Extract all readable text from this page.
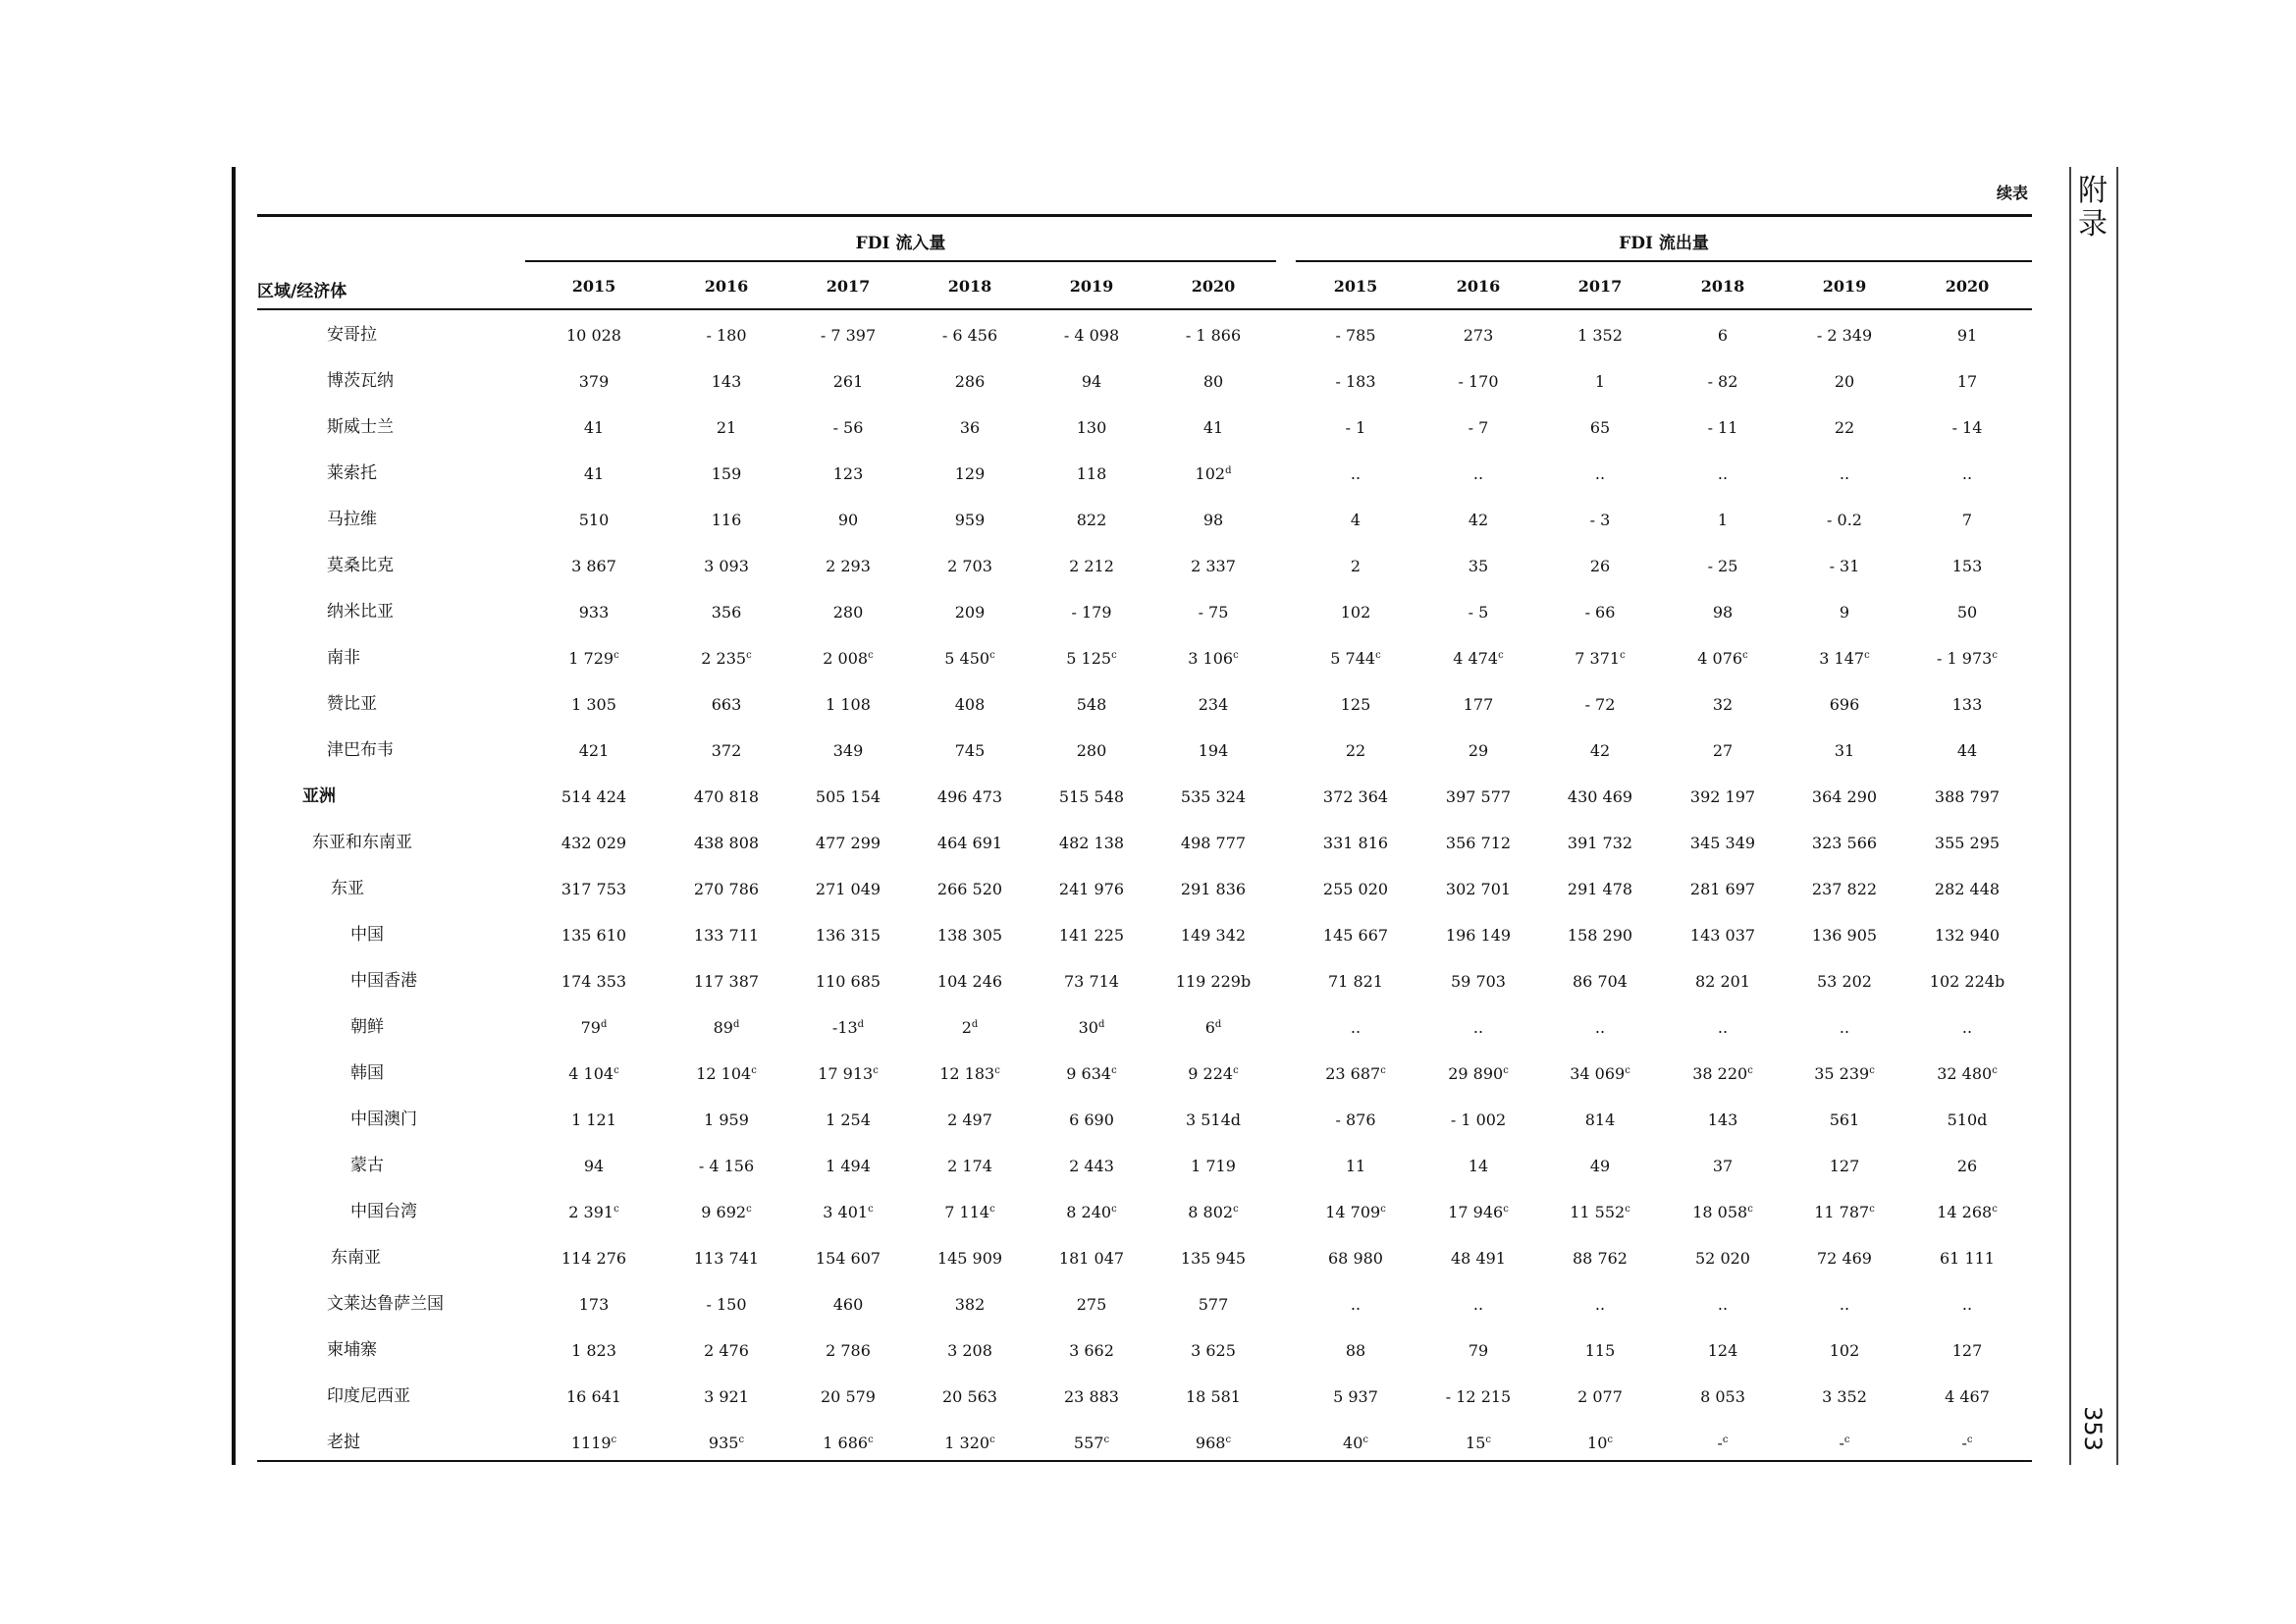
附录
353
续表
FDI 流入量	FDI 流出量
区域/经济体	2015	2016	2017	2018	2019	2020	2015	2016	2017	2018	2019	2020
安哥拉	10 028	- 180	- 7 397	- 6 456	- 4 098	- 1 866	- 785	273	1 352	6	- 2 349	91
博茨瓦纳	379	143	261	286	94	80	- 183	- 170	1	- 82	20	17
斯威士兰	41	21	- 56	36	130	41	- 1	- 7	65	- 11	22	- 14
莱索托	41	159	123	129	118	102$^d$	..	..	..	..	..	..
马拉维	510	116	90	959	822	98	4	42	- 3	1	- 0.2	7
莫桑比克	3 867	3 093	2 293	2 703	2 212	2 337	2	35	26	- 25	- 31	153
纳米比亚	933	356	280	209	- 179	- 75	102	- 5	- 66	98	9	50
南非	1 729$^c$	2 235$^c$	2 008$^c$	5 450$^c$	5 125$^c$	3 106$^c$	5 744$^c$	4 474$^c$	7 371$^c$	4 076$^c$	3 147$^c$	- 1 973$^c$
赞比亚	1 305	663	1 108	408	548	234	125	177	- 72	32	696	133
津巴布韦	421	372	349	745	280	194	22	29	42	27	31	44
亚洲	514 424	470 818	505 154	496 473	515 548	535 324	372 364	397 577	430 469	392 197	364 290	388 797
东亚和东南亚	432 029	438 808	477 299	464 691	482 138	498 777	331 816	356 712	391 732	345 349	323 566	355 295
东亚	317 753	270 786	271 049	266 520	241 976	291 836	255 020	302 701	291 478	281 697	237 822	282 448
中国	135 610	133 711	136 315	138 305	141 225	149 342	145 667	196 149	158 290	143 037	136 905	132 940
中国香港	174 353	117 387	110 685	104 246	73 714	119 229b	71 821	59 703	86 704	82 201	53 202	102 224b
朝鲜	79$^d$	89$^d$	-13$^d$	2$^d$	30$^d$	6$^d$	..	..	..	..	..	..
韩国	4 104$^c$	12 104$^c$	17 913$^c$	12 183$^c$	9 634$^c$	9 224$^c$	23 687$^c$	29 890$^c$	34 069$^c$	38 220$^c$	35 239$^c$	32 480$^c$
中国澳门	1 121	1 959	1 254	2 497	6 690	3 514d	- 876	- 1 002	814	143	561	510d
蒙古	94	- 4 156	1 494	2 174	2 443	1 719	11	14	49	37	127	26
中国台湾	2 391$^c$	9 692$^c$	3 401$^c$	7 114$^c$	8 240$^c$	8 802$^c$	14 709$^c$	17 946$^c$	11 552$^c$	18 058$^c$	11 787$^c$	14 268$^c$
东南亚	114 276	113 741	154 607	145 909	181 047	135 945	68 980	48 491	88 762	52 020	72 469	61 111
文莱达鲁萨兰国	173	- 150	460	382	275	577	..	..	..	..	..	..
柬埔寨	1 823	2 476	2 786	3 208	3 662	3 625	88	79	115	124	102	127
印度尼西亚	16 641	3 921	20 579	20 563	23 883	18 581	5 937	- 12 215	2 077	8 053	3 352	4 467
老挝	1119$^c$	935$^c$	1 686$^c$	1 320$^c$	557$^c$	968$^c$	40$^c$	15$^c$	10$^c$	-$^c$	-$^c$	-$^c$
